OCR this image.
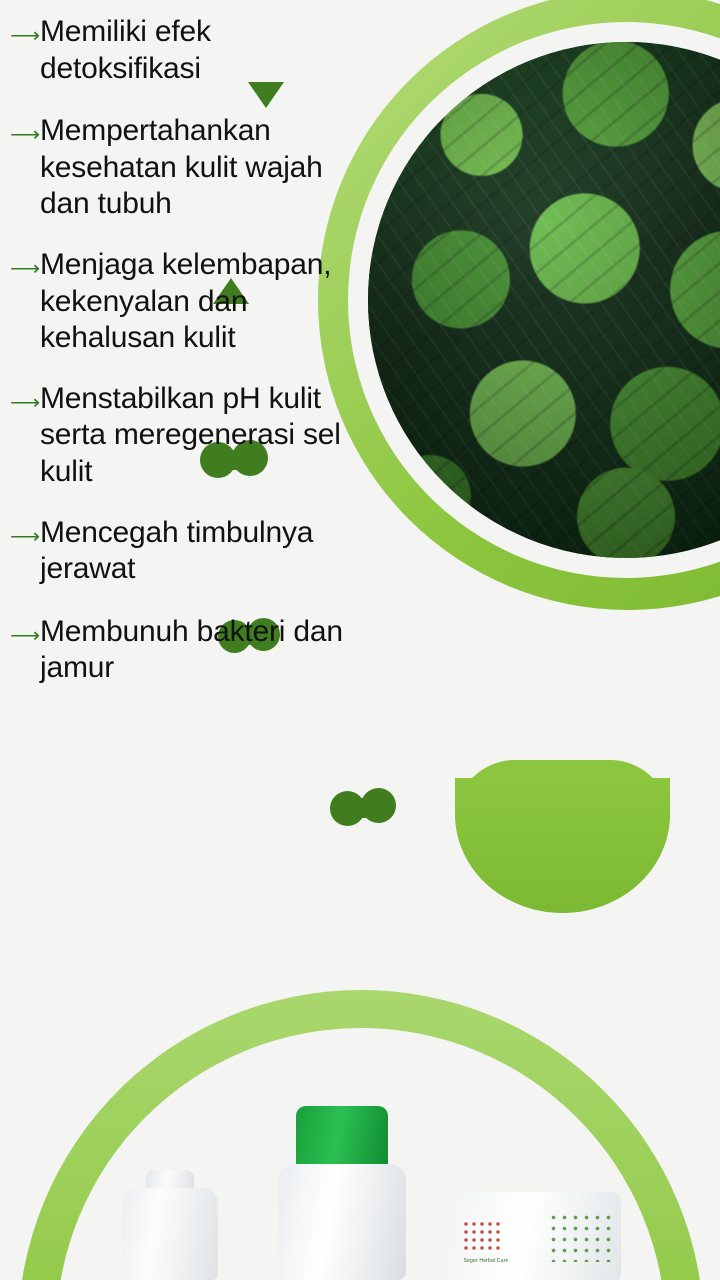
Seger Herbal Care
⟶ Memiliki efek detoksifikasi
⟶ Mempertahankan kesehatan kulit wajah dan tubuh
⟶ Menjaga kelembapan, kekenyalan dan kehalusan kulit
⟶ Menstabilkan pH kulit serta meregenerasi sel kulit
⟶ Mencegah timbulnya jerawat
⟶ Membunuh bakteri dan jamur
